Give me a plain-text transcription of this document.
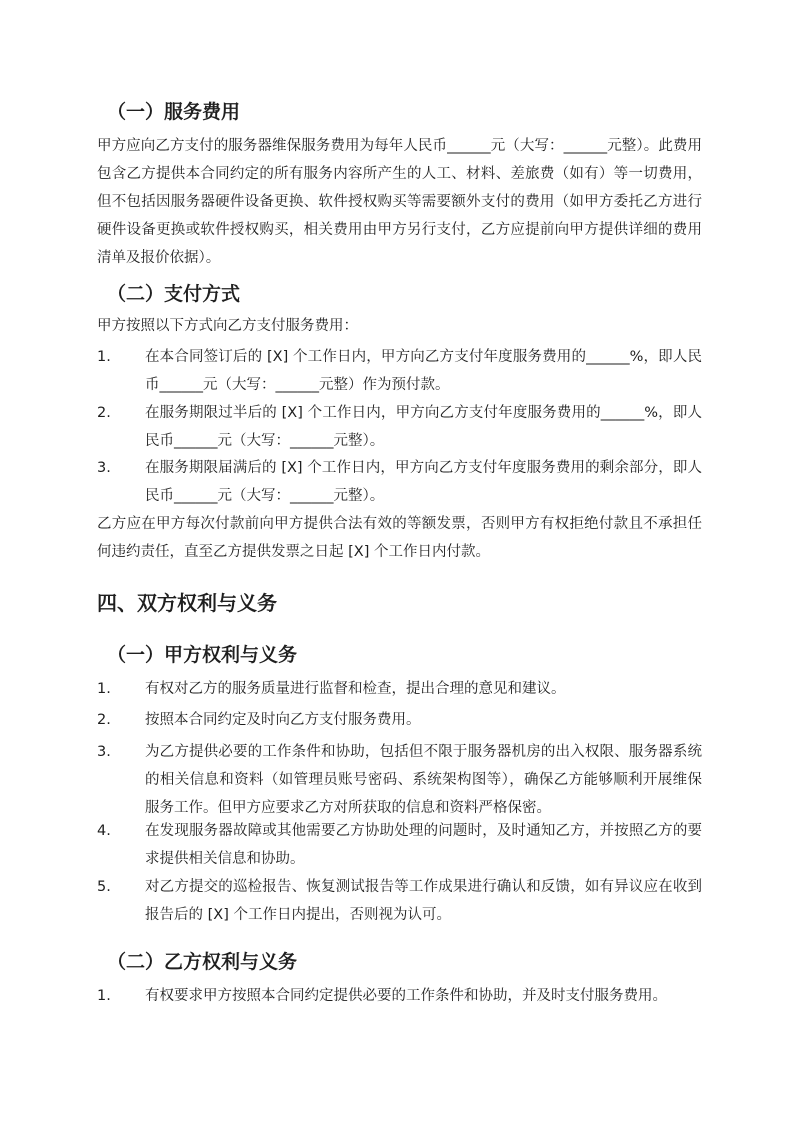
（一）服务费用
甲方应向乙方支付的服务器维保服务费用为每年人民币______元（大写：______元整）。此费用包含乙方提供本合同约定的所有服务内容所产生的人工、材料、差旅费（如有）等一切费用，但不包括因服务器硬件设备更换、软件授权购买等需要额外支付的费用（如甲方委托乙方进行硬件设备更换或软件授权购买，相关费用由甲方另行支付，乙方应提前向甲方提供详细的费用清单及报价依据）。
（二）支付方式
甲方按照以下方式向乙方支付服务费用：
1. 在本合同签订后的 [X] 个工作日内，甲方向乙方支付年度服务费用的______%，即人民币______元（大写：______元整）作为预付款。
2. 在服务期限过半后的 [X] 个工作日内，甲方向乙方支付年度服务费用的______%，即人民币______元（大写：______元整）。
3. 在服务期限届满后的 [X] 个工作日内，甲方向乙方支付年度服务费用的剩余部分，即人民币______元（大写：______元整）。
乙方应在甲方每次付款前向甲方提供合法有效的等额发票，否则甲方有权拒绝付款且不承担任何违约责任，直至乙方提供发票之日起 [X] 个工作日内付款。
四、双方权利与义务
（一）甲方权利与义务
1. 有权对乙方的服务质量进行监督和检查，提出合理的意见和建议。
2. 按照本合同约定及时向乙方支付服务费用。
3. 为乙方提供必要的工作条件和协助，包括但不限于服务器机房的出入权限、服务器系统的相关信息和资料（如管理员账号密码、系统架构图等），确保乙方能够顺利开展维保服务工作。但甲方应要求乙方对所获取的信息和资料严格保密。
4. 在发现服务器故障或其他需要乙方协助处理的问题时，及时通知乙方，并按照乙方的要求提供相关信息和协助。
5. 对乙方提交的巡检报告、恢复测试报告等工作成果进行确认和反馈，如有异议应在收到报告后的 [X] 个工作日内提出，否则视为认可。
（二）乙方权利与义务
1. 有权要求甲方按照本合同约定提供必要的工作条件和协助，并及时支付服务费用。
